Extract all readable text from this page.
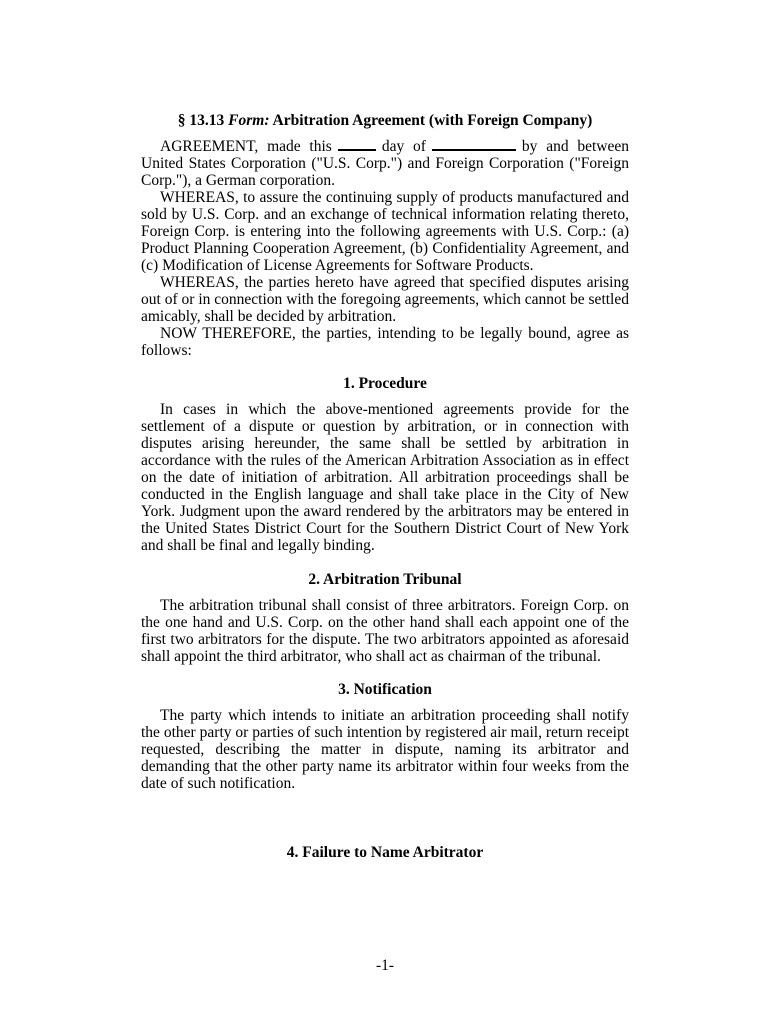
§ 13.13 Form: Arbitration Agreement (with Foreign Company)

AGREEMENT, made this	day of	by and between United States Corporation ("U.S. Corp.") and Foreign Corporation ("Foreign Corp."), a German corporation.

WHEREAS, to assure the continuing supply of products manufactured and sold by U.S. Corp. and an exchange of technical information relating thereto, Foreign Corp. is entering into the following agreements with U.S. Corp.: (a) Product Planning Cooperation Agreement, (b) Confidentiality Agreement, and (c) Modification of License Agreements for Software Products.

WHEREAS, the parties hereto have agreed that specified disputes arising out of or in connection with the foregoing agreements, which cannot be settled amicably, shall be decided by arbitration.

NOW THEREFORE, the parties, intending to be legally bound, agree as follows:

1. Procedure

In cases in which the above-mentioned agreements provide for the settlement of a dispute or question by arbitration, or in connection with disputes arising hereunder, the same shall be settled by arbitration in accordance with the rules of the American Arbitration Association as in effect on the date of initiation of arbitration. All arbitration proceedings shall be conducted in the English language and shall take place in the City of New York. Judgment upon the award rendered by the arbitrators may be entered in the United States District Court for the Southern District Court of New York and shall be final and legally binding.

2. Arbitration Tribunal

The arbitration tribunal shall consist of three arbitrators. Foreign Corp. on the one hand and U.S. Corp. on the other hand shall each appoint one of the first two arbitrators for the dispute. The two arbitrators appointed as aforesaid shall appoint the third arbitrator, who shall act as chairman of the tribunal.

3. Notification

The party which intends to initiate an arbitration proceeding shall notify the other party or parties of such intention by registered air mail, return receipt requested, describing the matter in dispute, naming its arbitrator and demanding that the other party name its arbitrator within four weeks from the date of such notification.

4. Failure to Name Arbitrator
-1-
